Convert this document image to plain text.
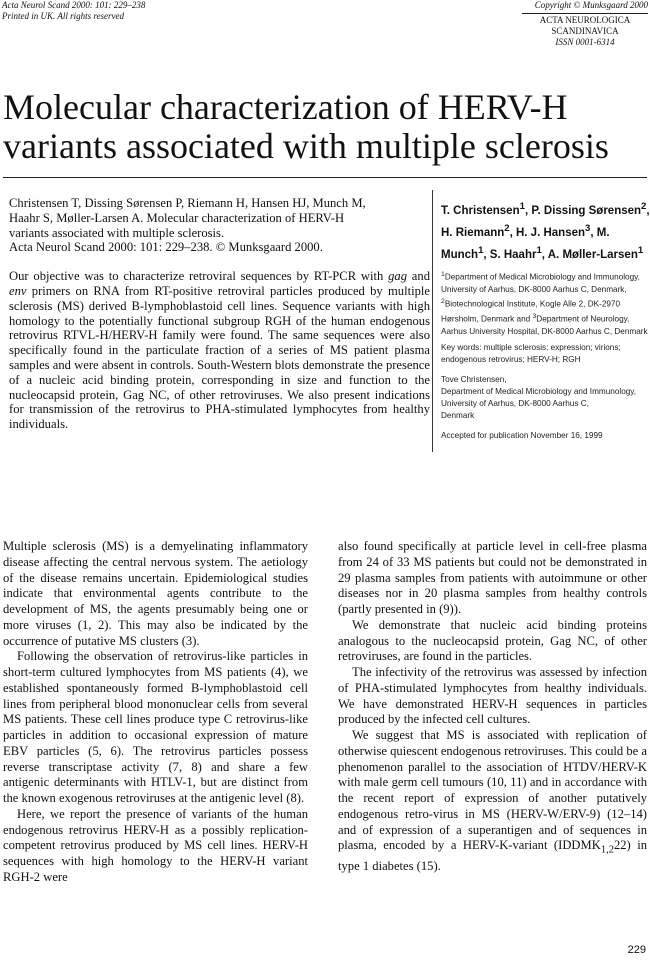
Acta Neurol Scand 2000: 101: 229–238
Printed in UK. All rights reserved
Copyright © Munksgaard 2000
ACTA NEUROLOGICA
SCANDINAVICA
ISSN 0001-6314
Molecular characterization of HERV-H
variants associated with multiple sclerosis

Christensen T, Dissing Sørensen P, Riemann H, Hansen HJ, Munch M,
Haahr S, Møller-Larsen A. Molecular characterization of HERV-H
variants associated with multiple sclerosis.
Acta Neurol Scand 2000: 101: 229–238. © Munksgaard 2000.

Our objective was to characterize retroviral sequences by RT-PCR with gag and env primers on RNA from RT-positive retroviral particles produced by multiple sclerosis (MS) derived B-lymphoblastoid cell lines. Sequence variants with high homology to the potentially functional subgroup RGH of the human endogenous retrovirus RTVL-H/HERV-H family were found. The same sequences were also specifically found in the particulate fraction of a series of MS patient plasma samples and were absent in controls. South-Western blots demonstrate the presence of a nucleic acid binding protein, corresponding in size and function to the nucleocapsid protein, Gag NC, of other retroviruses. We also present indications for transmission of the retrovirus to PHA-stimulated lymphocytes from healthy individuals.

T. Christensen$^1$, P. Dissing Sørensen$^2$, H. Riemann$^2$, H. J. Hansen$^3$, M. Munch$^1$, S. Haahr$^1$, A. Møller-Larsen$^1$

$^1$Department of Medical Microbiology and Immunology, University of Aarhus, DK-8000 Aarhus C, Denmark, $^2$Biotechnological Institute, Kogle Alle 2, DK-2970 Hørsholm, Denmark and $^3$Department of Neurology, Aarhus University Hospital, DK-8000 Aarhus C, Denmark

Key words: multiple sclerosis; expression; virions; endogenous retrovirus; HERV-H; RGH

Tove Christensen,
Department of Medical Microbiology and Immunology,
University of Aarhus, DK-8000 Aarhus C,
Denmark

Accepted for publication November 16, 1999

Multiple sclerosis (MS) is a demyelinating inflammatory disease affecting the central nervous system. The aetiology of the disease remains uncertain. Epidemiological studies indicate that environmental agents contribute to the development of MS, the agents presumably being one or more viruses (1, 2). This may also be indicated by the occurrence of putative MS clusters (3).

Following the observation of retrovirus-like particles in short-term cultured lymphocytes from MS patients (4), we established spontaneously formed B-lymphoblastoid cell lines from peripheral blood mononuclear cells from several MS patients. These cell lines produce type C retrovirus-like particles in addition to occasional expression of mature EBV particles (5, 6). The retrovirus particles possess reverse transcriptase activity (7, 8) and share a few antigenic determinants with HTLV-1, but are distinct from the known exogenous retroviruses at the antigenic level (8).

Here, we report the presence of variants of the human endogenous retrovirus HERV-H as a possibly replication-competent retrovirus produced by MS cell lines. HERV-H sequences with high homology to the HERV-H variant RGH-2 were

also found specifically at particle level in cell-free plasma from 24 of 33 MS patients but could not be demonstrated in 29 plasma samples from patients with autoimmune or other diseases nor in 20 plasma samples from healthy controls (partly presented in (9)).

We demonstrate that nucleic acid binding proteins analogous to the nucleocapsid protein, Gag NC, of other retroviruses, are found in the particles.

The infectivity of the retrovirus was assessed by infection of PHA-stimulated lymphocytes from healthy individuals. We have demonstrated HERV-H sequences in particles produced by the infected cell cultures.

We suggest that MS is associated with replication of otherwise quiescent endogenous retroviruses. This could be a phenomenon parallel to the association of HTDV/HERV-K with male germ cell tumours (10, 11) and in accordance with the recent report of expression of another putatively endogenous retro-virus in MS (HERV-W/ERV-9) (12–14) and of expression of a superantigen and of sequences in plasma, encoded by a HERV-K-variant $(IDDMK_{1,2}22)$ in type 1 diabetes (15).

229
